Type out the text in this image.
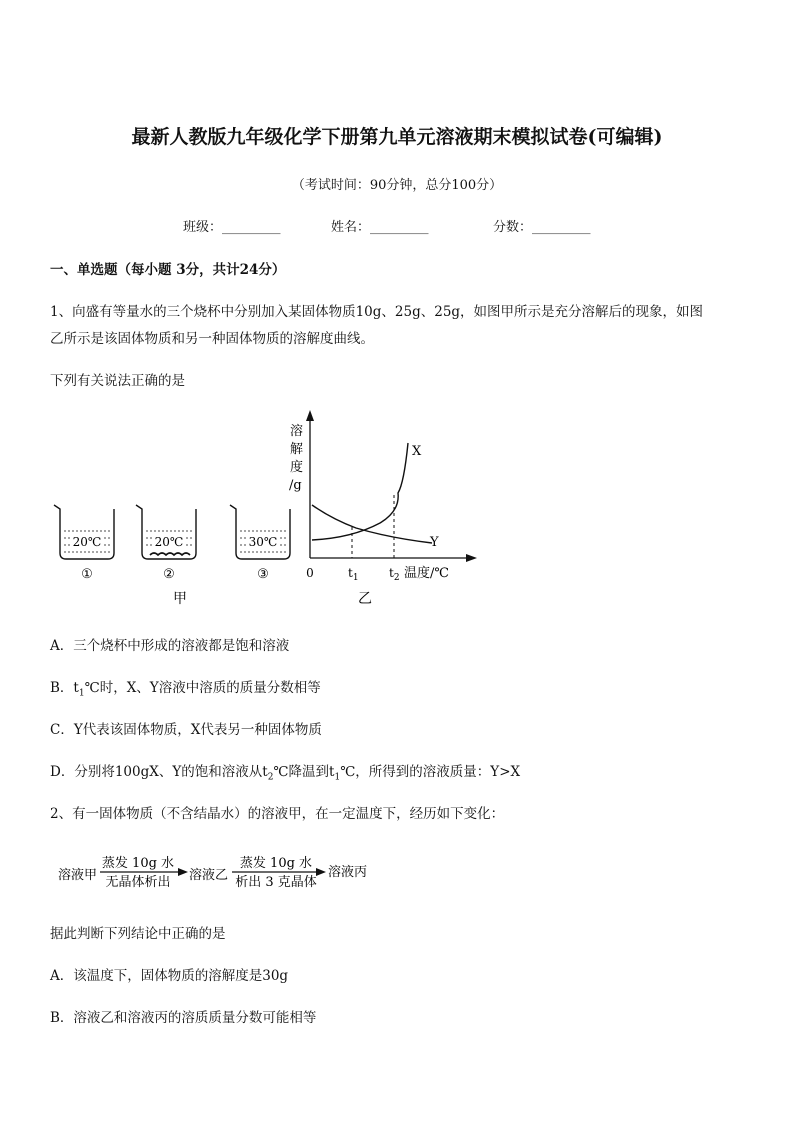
最新人教版九年级化学下册第九单元溶液期末模拟试卷(可编辑)
（考试时间：90分钟，总分100分）
班级：_________	姓名：_________	分数：_________
一、单选题（每小题 3分，共计24分）
1、向盛有等量水的三个烧杯中分别加入某固体物质10g、25g、25g，如图甲所示是充分溶解后的现象，如图
乙所示是该固体物质和另一种固体物质的溶解度曲线。
下列有关说法正确的是
20℃
①
20℃
②
30℃
③
甲
溶
解
度
/g
X
Y
0	$t_1$	$t_2$ 温度/℃
乙
A．三个烧杯中形成的溶液都是饱和溶液
B．$t_1℃$时，X、Y溶液中溶质的质量分数相等
C．Y代表该固体物质，X代表另一种固体物质
D．分别将100gX、Y的饱和溶液从$t_2℃$降温到$t_1℃$，所得到的溶液质量：Y>X
2、有一固体物质（不含结晶水）的溶液甲，在一定温度下，经历如下变化：
溶液甲
蒸发 10g 水
无晶体析出 溶液乙
蒸发 10g 水
析出 3 克晶体
溶液丙
据此判断下列结论中正确的是
A．该温度下，固体物质的溶解度是30g
B．溶液乙和溶液丙的溶质质量分数可能相等
